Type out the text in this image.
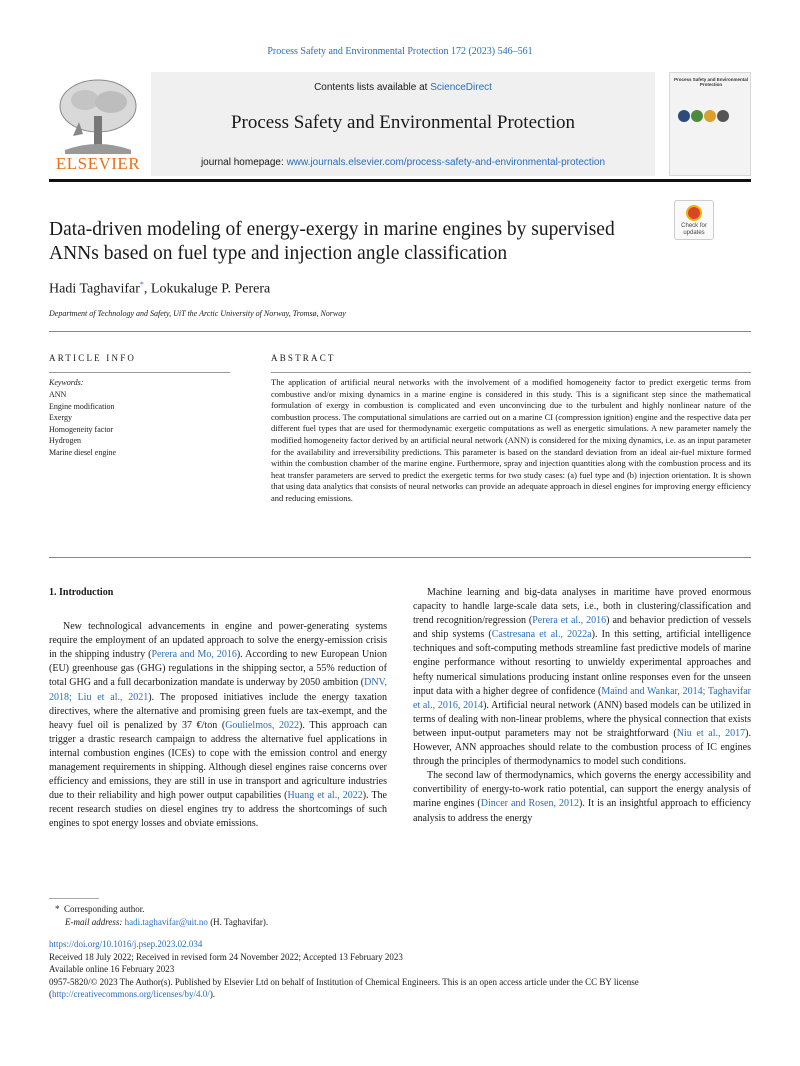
Process Safety and Environmental Protection 172 (2023) 546–561
ELSEVIER
Contents lists available at ScienceDirect
Process Safety and Environmental Protection
journal homepage: www.journals.elsevier.com/process-safety-and-environmental-protection
Process Safety and Environmental Protection
Check for updates
Data-driven modeling of energy-exergy in marine engines by supervised ANNs based on fuel type and injection angle classification
Hadi Taghavifar*, Lokukaluge P. Perera
Department of Technology and Safety, UiT the Arctic University of Norway, Tromsø, Norway
ARTICLE INFO	ABSTRACT
Keywords:
ANN
Engine modification
Exergy
Homogeneity factor
Hydrogen
Marine diesel engine
The application of artificial neural networks with the involvement of a modified homogeneity factor to predict exergetic terms from combustive and/or mixing dynamics in a marine engine is considered in this study. This is a significant step since the mathematical formulation of exergy in combustion is complicated and even unconvincing due to the turbulent and highly nonlinear nature of the combustion process. The computational simulations are carried out on a marine CI (compression ignition) engine and the respective data per different fuel types that are used for thermodynamic exergetic computations as well as energetic simulations. A new parameter namely the modified homogeneity factor derived by an artificial neural network (ANN) is considered for the mixing dynamics, i.e. as an input parameter for the availability and irreversibility predictions. This parameter is based on the standard deviation from an ideal air-fuel mixture formed within the combustion chamber of the marine engine. Furthermore, spray and injection quantities along with the combustion process and its heat transfer parameters are served to predict the exergetic terms for two study cases: (a) fuel type and (b) injection orientation. It is shown that using data analytics that consists of neural networks can provide an adequate approach in diesel engines for improving energy efficiency and reducing emissions.
1. Introduction

New technological advancements in engine and power-generating systems require the employment of an updated approach to solve the energy-emission crisis in the shipping industry (Perera and Mo, 2016). According to new European Union (EU) greenhouse gas (GHG) regulations in the shipping sector, a 55% reduction of total GHG and a full decarbonization mandate is underway by 2050 ambition (DNV, 2018; Liu et al., 2021). The proposed initiatives include the energy taxation directives, where the alternative and promising green fuels are tax-exempt, and the heavy fuel oil is penalized by 37 €/ton (Goulielmos, 2022). This approach can trigger a drastic research campaign to address the alternative fuel applications in internal combustion engines (ICEs) to cope with the emission control and energy management requirements in shipping. Although diesel engines raise concerns over efficiency and emissions, they are still in use in transport and agriculture industries due to their reliability and high power output capabilities (Huang et al., 2022). The recent research studies on diesel engines try to address the shortcomings of such engines to spot energy losses and obviate emissions.

Machine learning and big-data analyses in maritime have proved enormous capacity to handle large-scale data sets, i.e., both in clustering/classification and trend recognition/regression (Perera et al., 2016) and behavior prediction of vessels and ship systems (Castresana et al., 2022a). In this setting, artificial intelligence techniques and soft-computing methods streamline fast predictive models of marine engine performance without resorting to unwieldy experimental approaches and hefty numerical simulations producing instant online responses even for the unseen input data with a higher degree of confidence (Maind and Wankar, 2014; Taghavifar et al., 2016, 2014). Artificial neural network (ANN) based models can be utilized in terms of dealing with non-linear problems, where the physical connection that exists between input-output parameters may not be straightforward (Niu et al., 2017). However, ANN approaches should relate to the combustion process of IC engines through the principles of thermodynamics to model such conditions.

The second law of thermodynamics, which governs the energy accessibility and convertibility of energy-to-work ratio potential, can support the energy analysis of marine engines (Dincer and Rosen, 2012). It is an insightful approach to efficiency analysis to address the energy

* Corresponding author.
E-mail address: hadi.taghavifar@uit.no (H. Taghavifar).
https://doi.org/10.1016/j.psep.2023.02.034
Received 18 July 2022; Received in revised form 24 November 2022; Accepted 13 February 2023
Available online 16 February 2023
0957-5820/© 2023 The Author(s). Published by Elsevier Ltd on behalf of Institution of Chemical Engineers. This is an open access article under the CC BY license (http://creativecommons.org/licenses/by/4.0/).
